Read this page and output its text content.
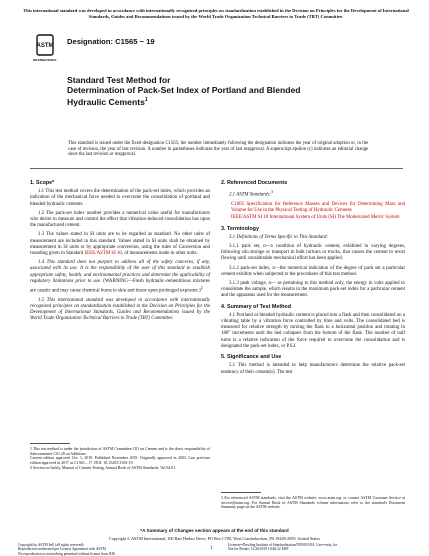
This international standard was developed in accordance with internationally recognized principles on standardization established in the Decision on Principles for the Development of International Standards, Guides and Recommendations issued by the World Trade Organization Technical Barriers to Trade (TBT) Committee.
ASTM
INTERNATIONAL
Designation: C1565 − 19
Standard Test Method for
Determination of Pack-Set Index of Portland and Blended
Hydraulic Cements$^1$
This standard is issued under the fixed designation C1565; the number immediately following the designation indicates the year of original adoption or, in the case of revision, the year of last revision. A number in parentheses indicates the year of last reapproval. A superscript epsilon (ε) indicates an editorial change since the last revision or reapproval.

1. Scope*

1.1 This test method covers the determination of the pack-set index, which provides an indication of the mechanical force needed to overcome the consolidation of portland and blended hydraulic cements.

1.2 The pack-set index number provides a numerical value useful for manufacturers who desire to measure and control the effect that vibration-induced consolidation has upon the manufactured cement.

1.3 The values stated in SI units are to be regarded as standard. No other units of measurement are included in this standard. Values stated in SI units shall be obtained by measurement in SI units or by appropriate conversion, using the rules of Conversion and rounding given in Standard IEEE/ASTM SI 10, of measurements made in other units.

1.4 This standard does not purport to address all of the safety concerns, if any, associated with its use. It is the responsibility of the user of this standard to establish appropriate safety, health, and environmental practices and determine the applicability of regulatory limitations prior to use. (WARNING—Fresh hydraulic-cementitious mixtures are caustic and may cause chemical burns to skin and tissue upon prolonged exposure.)$^2$

1.5 This international standard was developed in accordance with internationally recognized principles on standardization established in the Decision on Principles for the Development of International Standards, Guides and Recommendations issued by the World Trade Organization Technical Barriers to Trade (TBT) Committee.

2. Referenced Documents

2.1 ASTM Standards:$^3$

C1005 Specification for Reference Masses and Devices for Determining Mass and Volume for Use in the Physical Testing of Hydraulic Cements

IEEE/ASTM SI 10 International System of Units (SI) The Modernized Metric System

3. Terminology

3.1 Definitions of Terms Specific to This Standard:

3.1.1 pack set, n—a condition of hydraulic cement, exhibited in varying degrees, following silo storage or transport in bulk railcars or trucks, that causes the cement to resist flowing until considerable mechanical effort has been applied.

3.1.2 pack-set index, n—the numerical indication of the degree of pack set a particular cement exhibits when subjected to the procedures of this test method.

3.1.3 peak voltage, n— as pertaining to this method only, the energy in volts applied to consolidate the sample, which results in the maximum pack-set index for a particular cement and the apparatus used for the measurement.

4. Summary of Test Method

4.1 Portland or blended hydraulic cement is placed into a flask and then consolidated on a vibrating table by a vibration force controlled by time and volts. The consolidated bed is measured for relative strength by turning the flask to a horizontal position and rotating in 180° increments until the bed collapses from the bottom of the flask. The number of half turns is a relative indication of the force required to overcome the consolidation and is designated the pack-set index, or P.S.I.

5. Significance and Use

5.1 This method is intended to help manufacturers determine the relative pack-set tendency of their cement(s). The test

1 This test method is under the jurisdiction of ASTM Committee C01 on Cement and is the direct responsibility of Subcommittee C01.28 on Additions.

Current edition approved Oct. 1, 2019. Published November 2019. Originally approved in 2003. Last previous edition approved in 2017 as C1565 – 17. DOI: 10.1520/C1565-19.

2 Section on Safety, Manual of Cement Testing, Annual Book of ASTM Standards, Vol 04.01.

3 For referenced ASTM standards, visit the ASTM website, www.astm.org, or contact ASTM Customer Service at service@astm.org. For Annual Book of ASTM Standards volume information, refer to the standard's Document Summary page on the ASTM website.

*A Summary of Changes section appears at the end of this standard
Copyright © ASTM International, 100 Barr Harbor Drive, PO Box C700, West Conshohocken, PA 19428-2959. United States
Copyright by ASTM Int'l (all rights reserved);
Reproduction authorized per License Agreement with ASTM
No reproduction or networking permitted without license from IHS
1
Licensee=Dowling Institute of Standardization/5959191001, User=only, for
Not for Resale, 11/26/2019 10:46:22 MST
